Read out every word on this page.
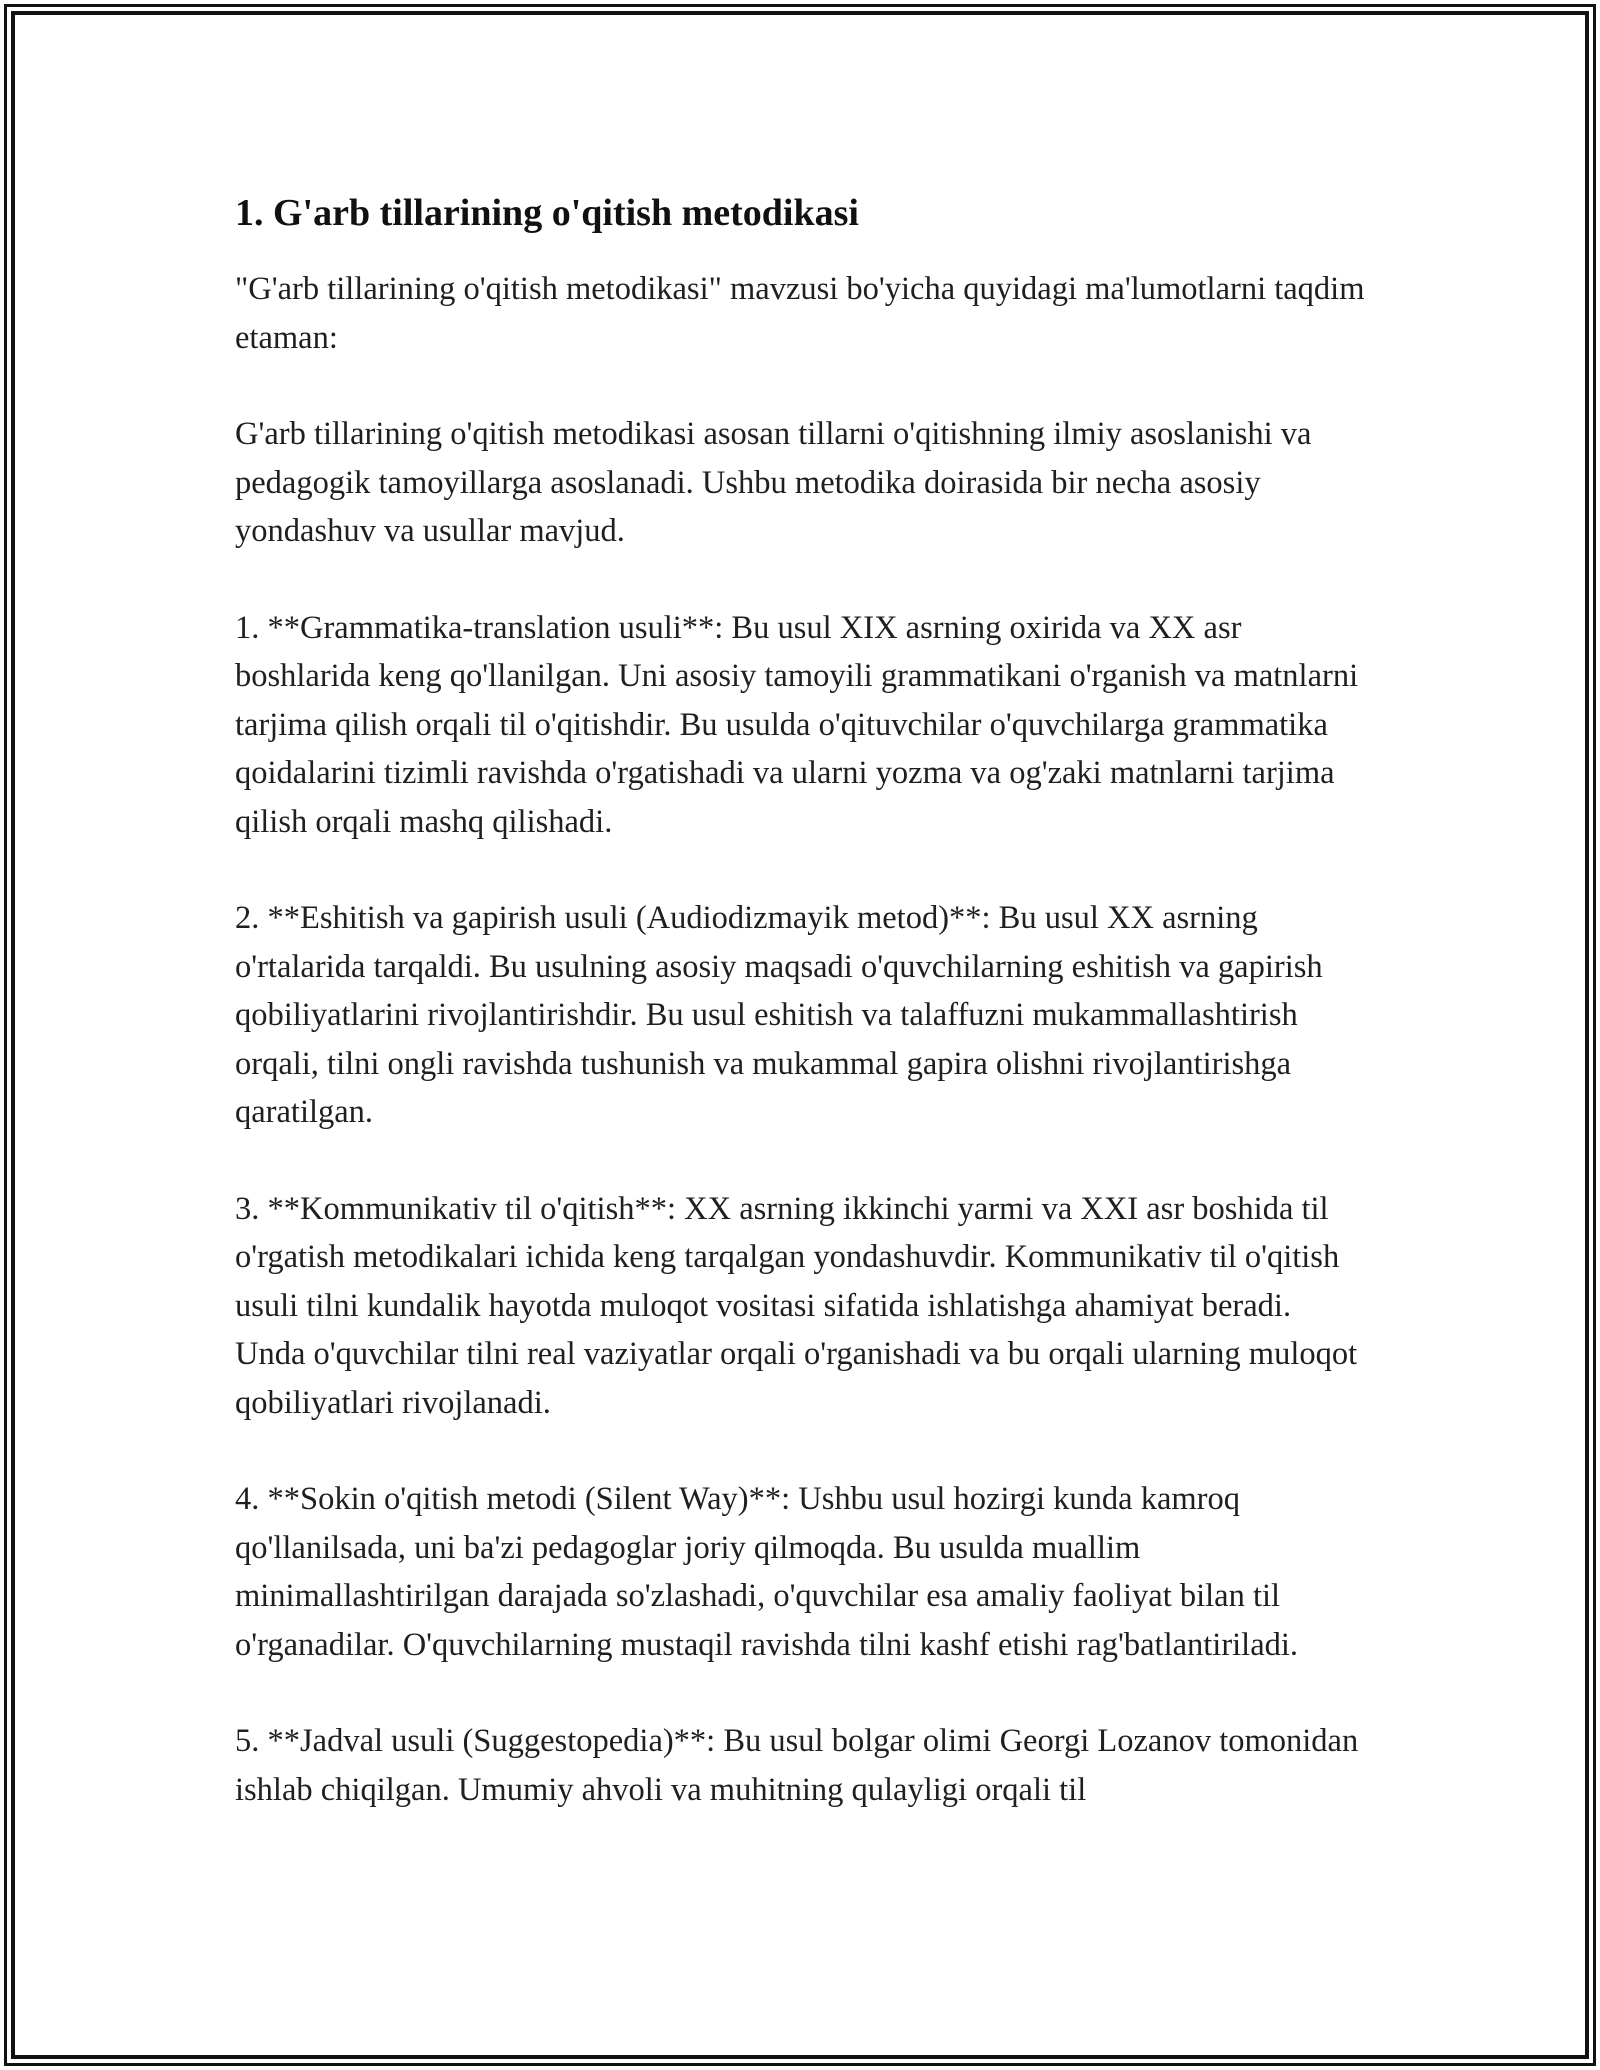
1. G'arb tillarining o'qitish metodikasi

"G'arb tillarining o'qitish metodikasi" mavzusi bo'yicha quyidagi ma'lumotlarni taqdim etaman:

G'arb tillarining o'qitish metodikasi asosan tillarni o'qitishning ilmiy asoslanishi va pedagogik tamoyillarga asoslanadi. Ushbu metodika doirasida bir necha asosiy yondashuv va usullar mavjud.

1. **Grammatika-translation usuli**: Bu usul XIX asrning oxirida va XX asr boshlarida keng qo'llanilgan. Uni asosiy tamoyili grammatikani o'rganish va matnlarni tarjima qilish orqali til o'qitishdir. Bu usulda o'qituvchilar o'quvchilarga grammatika qoidalarini tizimli ravishda o'rgatishadi va ularni yozma va og'zaki matnlarni tarjima qilish orqali mashq qilishadi.

2. **Eshitish va gapirish usuli (Audiodizmayik metod)**: Bu usul XX asrning o'rtalarida tarqaldi. Bu usulning asosiy maqsadi o'quvchilarning eshitish va gapirish qobiliyatlarini rivojlantirishdir. Bu usul eshitish va talaffuzni mukammallashtirish orqali, tilni ongli ravishda tushunish va mukammal gapira olishni rivojlantirishga qaratilgan.

3. **Kommunikativ til o'qitish**: XX asrning ikkinchi yarmi va XXI asr boshida til o'rgatish metodikalari ichida keng tarqalgan yondashuvdir. Kommunikativ til o'qitish usuli tilni kundalik hayotda muloqot vositasi sifatida ishlatishga ahamiyat beradi. Unda o'quvchilar tilni real vaziyatlar orqali o'rganishadi va bu orqali ularning muloqot qobiliyatlari rivojlanadi.

4. **Sokin o'qitish metodi (Silent Way)**: Ushbu usul hozirgi kunda kamroq qo'llanilsada, uni ba'zi pedagoglar joriy qilmoqda. Bu usulda muallim minimallashtirilgan darajada so'zlashadi, o'quvchilar esa amaliy faoliyat bilan til o'rganadilar. O'quvchilarning mustaqil ravishda tilni kashf etishi rag'batlantiriladi.

5. **Jadval usuli (Suggestopedia)**: Bu usul bolgar olimi Georgi Lozanov tomonidan ishlab chiqilgan. Umumiy ahvoli va muhitning qulayligi orqali til
